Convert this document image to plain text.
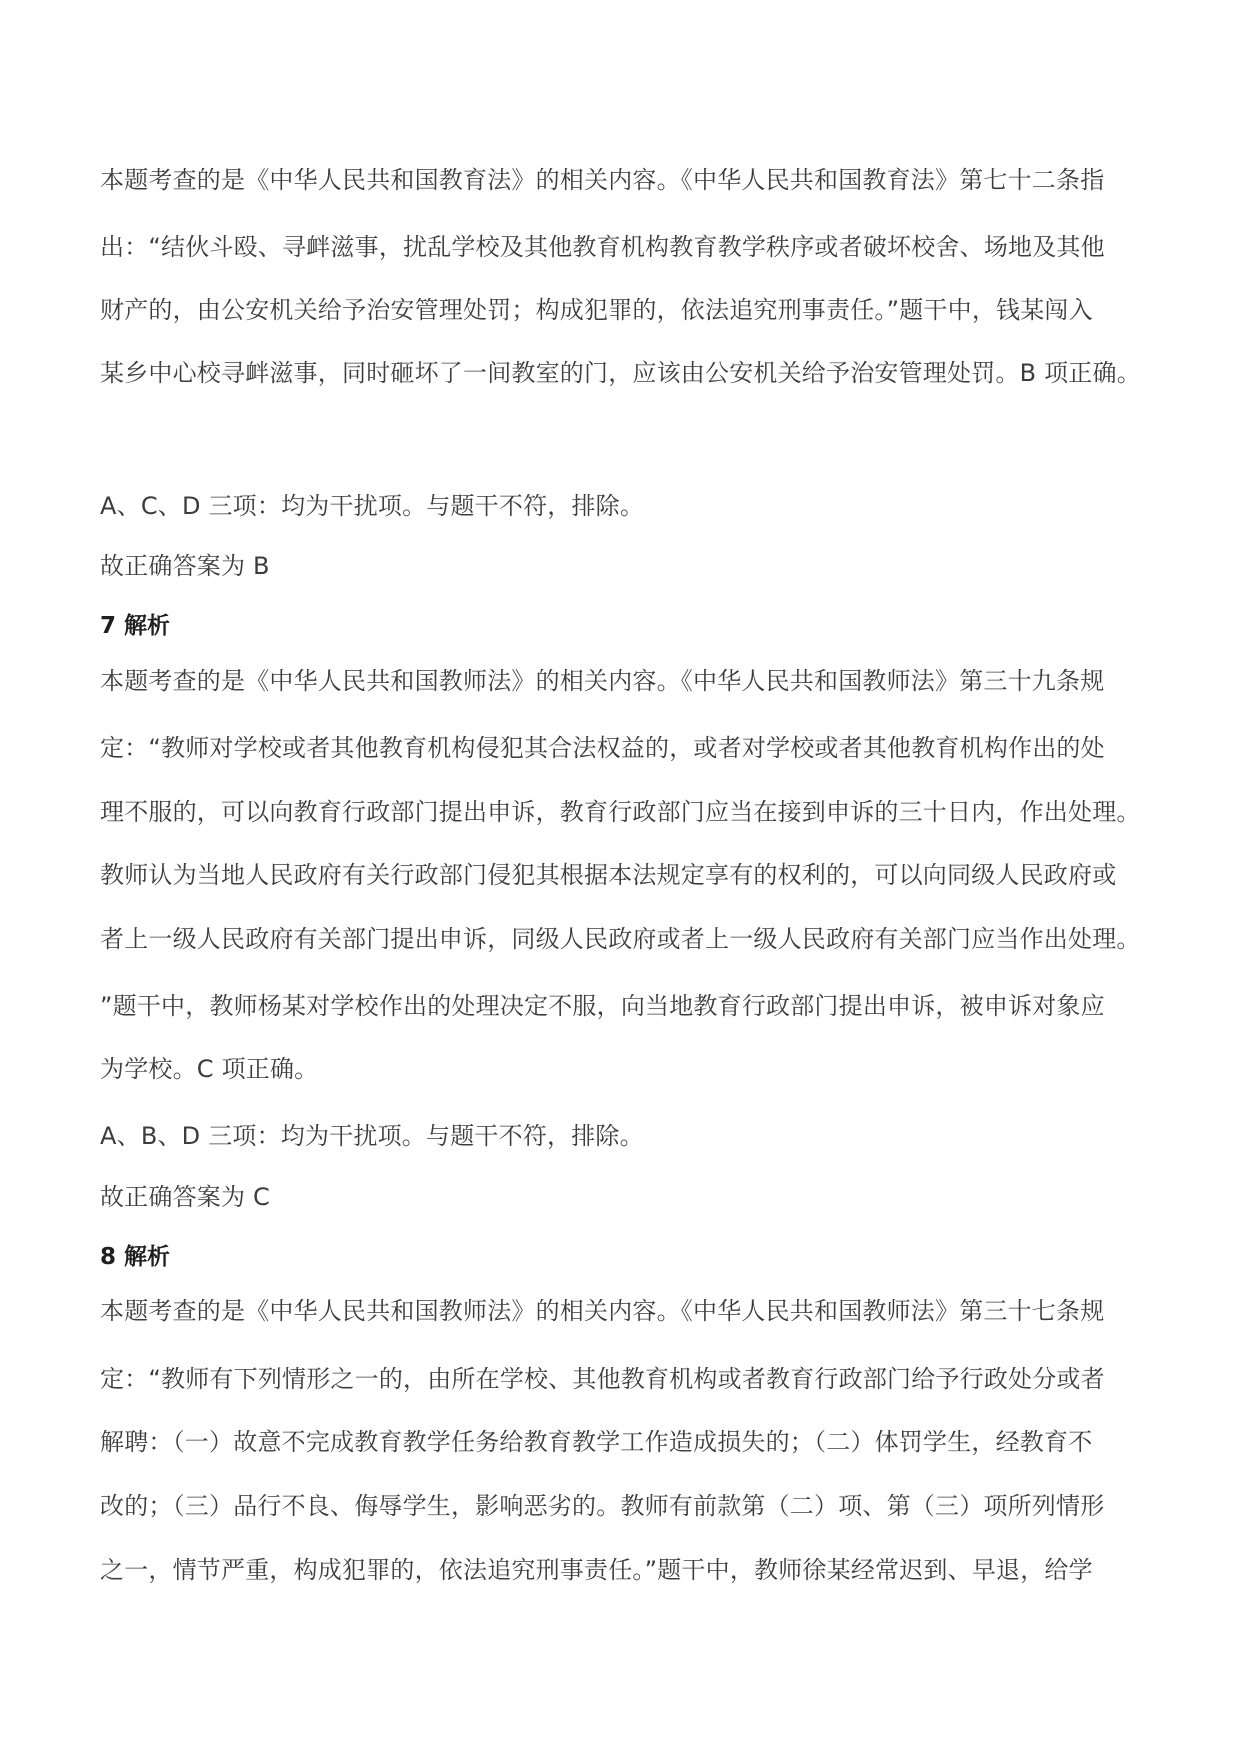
本题考查的是《中华人民共和国教育法》的相关内容。《中华人民共和国教育法》第七十二条指
出：“结伙斗殴、寻衅滋事，扰乱学校及其他教育机构教育教学秩序或者破坏校舍、场地及其他
财产的，由公安机关给予治安管理处罚；构成犯罪的，依法追究刑事责任。”题干中，钱某闯入
某乡中心校寻衅滋事，同时砸坏了一间教室的门，应该由公安机关给予治安管理处罚。B 项正确。
A、C、D 三项：均为干扰项。与题干不符，排除。
故正确答案为 B
7 解析
本题考查的是《中华人民共和国教师法》的相关内容。《中华人民共和国教师法》第三十九条规
定：“教师对学校或者其他教育机构侵犯其合法权益的，或者对学校或者其他教育机构作出的处
理不服的，可以向教育行政部门提出申诉，教育行政部门应当在接到申诉的三十日内，作出处理。
教师认为当地人民政府有关行政部门侵犯其根据本法规定享有的权利的，可以向同级人民政府或
者上一级人民政府有关部门提出申诉，同级人民政府或者上一级人民政府有关部门应当作出处理。
”题干中，教师杨某对学校作出的处理决定不服，向当地教育行政部门提出申诉，被申诉对象应
为学校。C 项正确。
A、B、D 三项：均为干扰项。与题干不符，排除。
故正确答案为 C
8 解析
本题考查的是《中华人民共和国教师法》的相关内容。《中华人民共和国教师法》第三十七条规
定：“教师有下列情形之一的，由所在学校、其他教育机构或者教育行政部门给予行政处分或者
解聘：（一）故意不完成教育教学任务给教育教学工作造成损失的；（二）体罚学生，经教育不
改的；（三）品行不良、侮辱学生，影响恶劣的。教师有前款第（二）项、第（三）项所列情形
之一，情节严重，构成犯罪的，依法追究刑事责任。”题干中，教师徐某经常迟到、早退，给学
